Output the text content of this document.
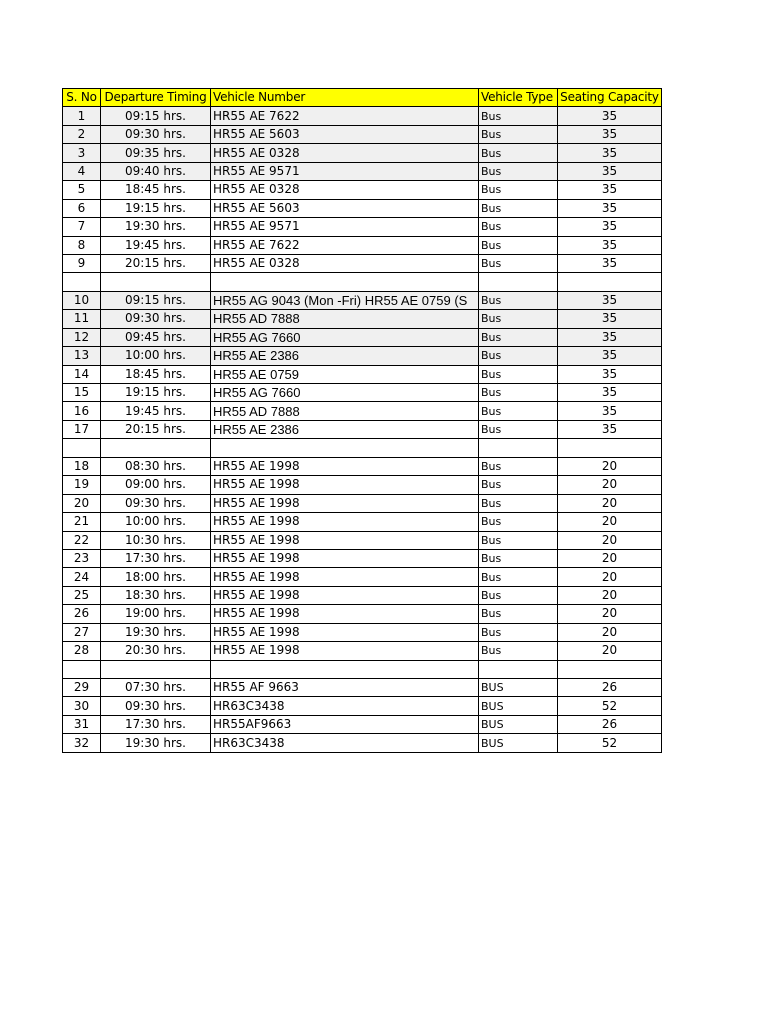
S. No	Departure Timing	Vehicle Number	Vehicle Type	Seating Capacity
1	09:15 hrs.	HR55 AE 7622	Bus	35
2	09:30 hrs.	HR55 AE 5603	Bus	35
3	09:35 hrs.	HR55 AE 0328	Bus	35
4	09:40 hrs.	HR55 AE 9571	Bus	35
5	18:45 hrs.	HR55 AE 0328	Bus	35
6	19:15 hrs.	HR55 AE 5603	Bus	35
7	19:30 hrs.	HR55 AE 9571	Bus	35
8	19:45 hrs.	HR55 AE 7622	Bus	35
9	20:15 hrs.	HR55 AE 0328	Bus	35

10	09:15 hrs.	HR55 AG 9043 (Mon -Fri) HR55 AE 0759 (S	Bus	35
11	09:30 hrs.	HR55 AD 7888	Bus	35
12	09:45 hrs.	HR55 AG 7660	Bus	35
13	10:00 hrs.	HR55 AE 2386	Bus	35
14	18:45 hrs.	HR55 AE 0759	Bus	35
15	19:15 hrs.	HR55 AG 7660	Bus	35
16	19:45 hrs.	HR55 AD 7888	Bus	35
17	20:15 hrs.	HR55 AE 2386	Bus	35

18	08:30 hrs.	HR55 AE 1998	Bus	20
19	09:00 hrs.	HR55 AE 1998	Bus	20
20	09:30 hrs.	HR55 AE 1998	Bus	20
21	10:00 hrs.	HR55 AE 1998	Bus	20
22	10:30 hrs.	HR55 AE 1998	Bus	20
23	17:30 hrs.	HR55 AE 1998	Bus	20
24	18:00 hrs.	HR55 AE 1998	Bus	20
25	18:30 hrs.	HR55 AE 1998	Bus	20
26	19:00 hrs.	HR55 AE 1998	Bus	20
27	19:30 hrs.	HR55 AE 1998	Bus	20
28	20:30 hrs.	HR55 AE 1998	Bus	20

29	07:30 hrs.	HR55 AF 9663	BUS	26
30	09:30 hrs.	HR63C3438	BUS	52
31	17:30 hrs.	HR55AF9663	BUS	26
32	19:30 hrs.	HR63C3438	BUS	52
